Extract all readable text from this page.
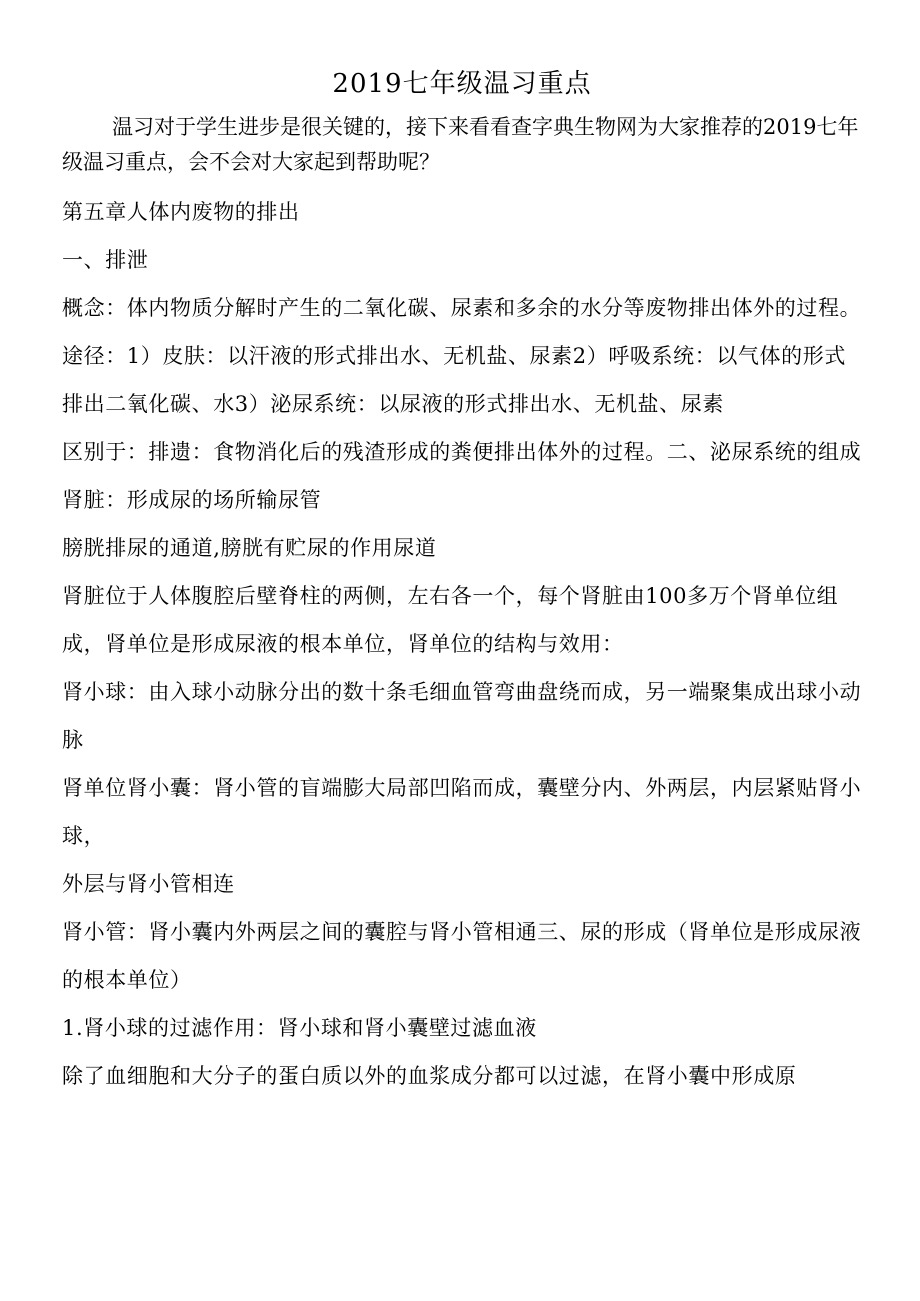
2019七年级温习重点

温习对于学生进步是很关键的，接下来看看查字典生物网为大家推荐的2019七年级温习重点，会不会对大家起到帮助呢？

第五章人体内废物的排出

一、排泄

概念：体内物质分解时产生的二氧化碳、尿素和多余的水分等废物排出体外的过程。途径：1）皮肤：以汗液的形式排出水、无机盐、尿素2）呼吸系统：以气体的形式排出二氧化碳、水3）泌尿系统：以尿液的形式排出水、无机盐、尿素

区别于：排遗：食物消化后的残渣形成的粪便排出体外的过程。二、泌尿系统的组成肾脏：形成尿的场所输尿管

膀胱排尿的通道,膀胱有贮尿的作用尿道

肾脏位于人体腹腔后壁脊柱的两侧，左右各一个，每个肾脏由100多万个肾单位组成，肾单位是形成尿液的根本单位，肾单位的结构与效用：

肾小球：由入球小动脉分出的数十条毛细血管弯曲盘绕而成，另一端聚集成出球小动脉

肾单位肾小囊：肾小管的盲端膨大局部凹陷而成，囊壁分内、外两层，内层紧贴肾小球，

外层与肾小管相连

肾小管：肾小囊内外两层之间的囊腔与肾小管相通三、尿的形成（肾单位是形成尿液的根本单位）

1.肾小球的过滤作用：肾小球和肾小囊壁过滤血液

除了血细胞和大分子的蛋白质以外的血浆成分都可以过滤，在肾小囊中形成原
